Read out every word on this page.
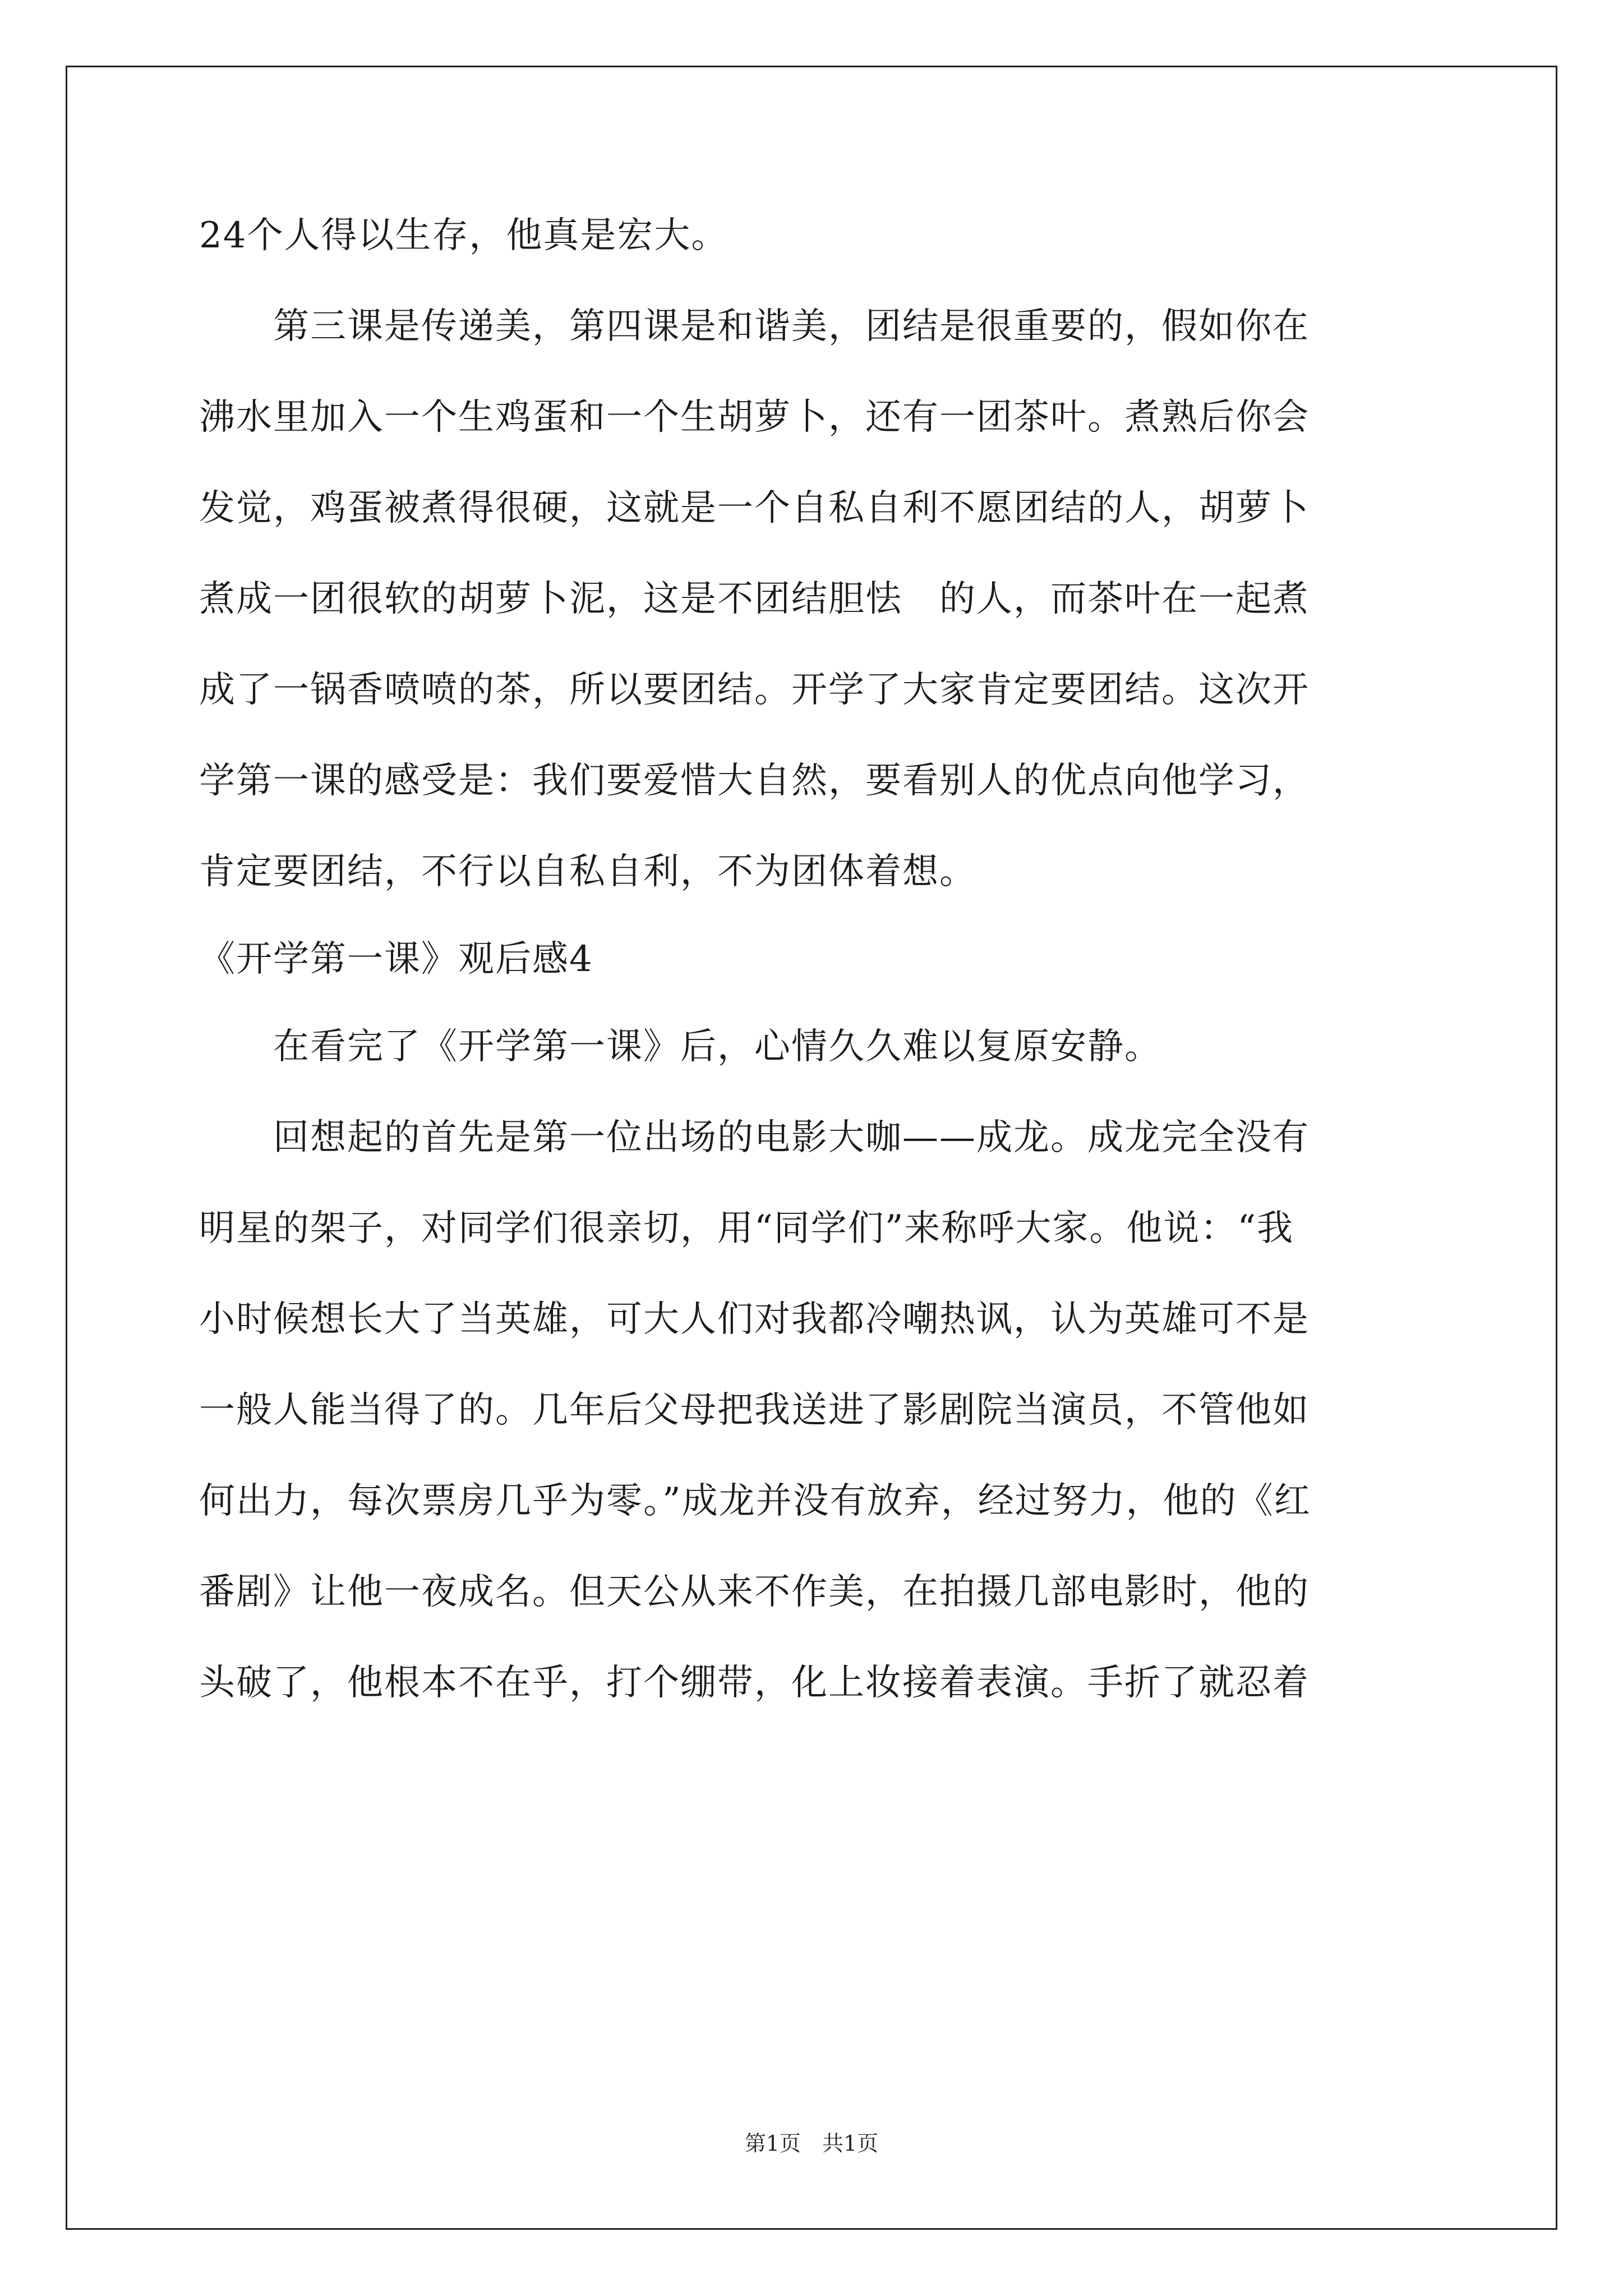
24个人得以生存，他真是宏大。
　　第三课是传递美，第四课是和谐美，团结是很重要的，假如你在
沸水里加入一个生鸡蛋和一个生胡萝卜，还有一团茶叶。煮熟后你会
发觉，鸡蛋被煮得很硬，这就是一个自私自利不愿团结的人，胡萝卜
煮成一团很软的胡萝卜泥，这是不团结胆怯　的人，而茶叶在一起煮
成了一锅香喷喷的茶，所以要团结。开学了大家肯定要团结。这次开
学第一课的感受是：我们要爱惜大自然，要看别人的优点向他学习，
肯定要团结，不行以自私自利，不为团体着想。
《开学第一课》观后感4
　　在看完了《开学第一课》后，心情久久难以复原安静。
　　回想起的首先是第一位出场的电影大咖——成龙。成龙完全没有
明星的架子，对同学们很亲切，用“同学们”来称呼大家。他说：“我
小时候想长大了当英雄，可大人们对我都冷嘲热讽，认为英雄可不是
一般人能当得了的。几年后父母把我送进了影剧院当演员，不管他如
何出力，每次票房几乎为零。”成龙并没有放弃，经过努力，他的《红
番剧》让他一夜成名。但天公从来不作美，在拍摄几部电影时，他的
头破了，他根本不在乎，打个绷带，化上妆接着表演。手折了就忍着
第1页　共1页
